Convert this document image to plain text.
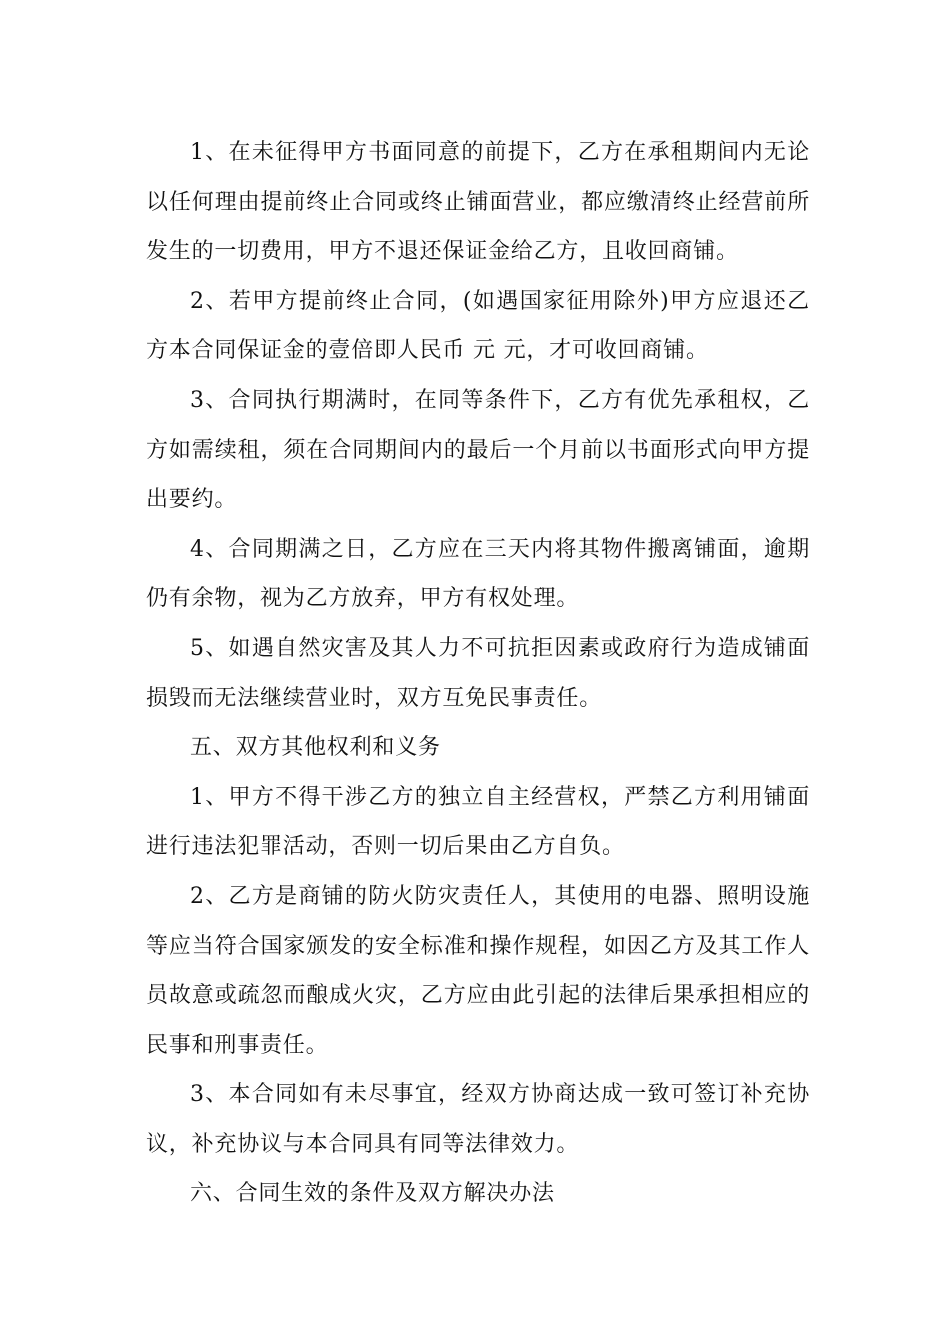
1、在未征得甲方书面同意的前提下，乙方在承租期间内无论以任何理由提前终止合同或终止铺面营业，都应缴清终止经营前所发生的一切费用，甲方不退还保证金给乙方，且收回商铺。

2、若甲方提前终止合同，(如遇国家征用除外)甲方应退还乙方本合同保证金的壹倍即人民币 元 元，才可收回商铺。

3、合同执行期满时，在同等条件下，乙方有优先承租权，乙方如需续租，须在合同期间内的最后一个月前以书面形式向甲方提出要约。

4、合同期满之日，乙方应在三天内将其物件搬离铺面，逾期仍有余物，视为乙方放弃，甲方有权处理。

5、如遇自然灾害及其人力不可抗拒因素或政府行为造成铺面损毁而无法继续营业时，双方互免民事责任。

五、双方其他权利和义务

1、甲方不得干涉乙方的独立自主经营权，严禁乙方利用铺面进行违法犯罪活动，否则一切后果由乙方自负。

2、乙方是商铺的防火防灾责任人，其使用的电器、照明设施等应当符合国家颁发的安全标准和操作规程，如因乙方及其工作人员故意或疏忽而酿成火灾，乙方应由此引起的法律后果承担相应的民事和刑事责任。

3、本合同如有未尽事宜，经双方协商达成一致可签订补充协议，补充协议与本合同具有同等法律效力。

六、合同生效的条件及双方解决办法
